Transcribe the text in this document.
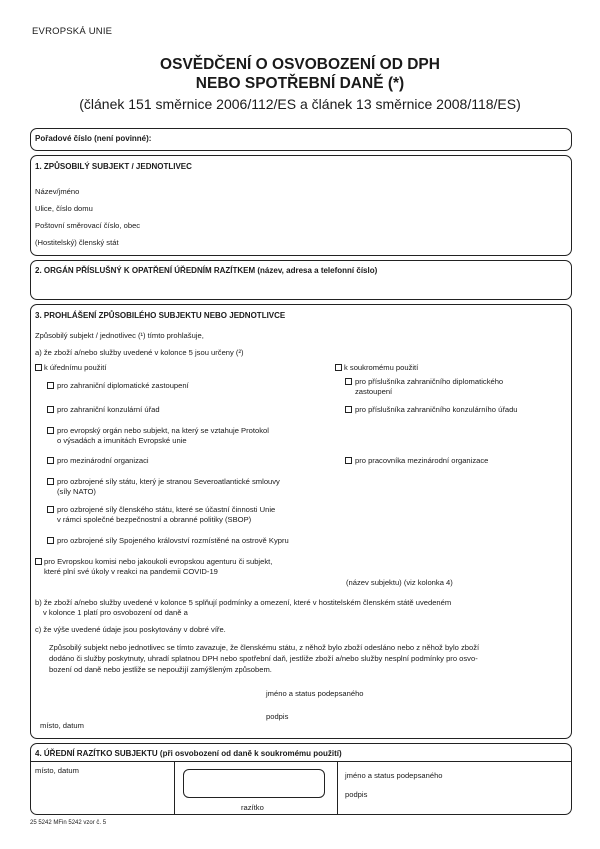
EVROPSKÁ UNIE
OSVĚDČENÍ O OSVOBOZENÍ OD DPH
NEBO SPOTŘEBNÍ DANĚ (*)
(článek 151 směrnice 2006/112/ES a článek 13 směrnice 2008/118/ES)
Pořadové číslo (není povinné):
1. ZPŮSOBILÝ SUBJEKT / JEDNOTLIVEC
Název/jméno
Ulice, číslo domu
Poštovní směrovací číslo, obec
(Hostitelský) členský stát
2. ORGÁN PŘÍSLUŠNÝ K OPATŘENÍ ÚŘEDNÍM RAZÍTKEM (název, adresa a telefonní číslo)
3. PROHLÁŠENÍ ZPŮSOBILÉHO SUBJEKTU NEBO JEDNOTLIVCE
Způsobilý subjekt / jednotlivec (¹) tímto prohlašuje,
a) že zboží a/nebo služby uvedené v kolonce 5 jsou určeny (²)
k úřednímu použití	k soukromému použití
pro zahraniční diplomatické zastoupení
pro zahraniční konzulární úřad
pro evropský orgán nebo subjekt, na který se vztahuje Protokol
o výsadách a imunitách Evropské unie
pro mezinárodní organizaci
pro ozbrojené síly státu, který je stranou Severoatlantické smlouvy
(síly NATO)
pro ozbrojené síly členského státu, které se účastní činnosti Unie
v rámci společné bezpečnostní a obranné politiky (SBOP)
pro ozbrojené síly Spojeného království rozmístěné na ostrově Kypru
pro příslušníka zahraničního diplomatického
zastoupení
pro příslušníka zahraničního konzulárního úřadu
pro pracovníka mezinárodní organizace
pro Evropskou komisi nebo jakoukoli evropskou agenturu či subjekt,
které plní své úkoly v reakci na pandemii COVID-19
(název subjektu) (viz kolonka 4)
b) že zboží a/nebo služby uvedené v kolonce 5 splňují podmínky a omezení, které v hostitelském členském státě uvedeném
v kolonce 1 platí pro osvobození od daně a
c) že výše uvedené údaje jsou poskytovány v dobré víře.
Způsobilý subjekt nebo jednotlivec se tímto zavazuje, že členskému státu, z něhož bylo zboží odesláno nebo z něhož bylo zboží
dodáno či služby poskytnuty, uhradí splatnou DPH nebo spotřební daň, jestliže zboží a/nebo služby nesplní podmínky pro osvo-
bození od daně nebo jestliže se nepoužijí zamýšleným způsobem.
jméno a status podepsaného
podpis
místo, datum
4. ÚŘEDNÍ RAZÍTKO SUBJEKTU (při osvobození od daně k soukromému použití)
místo, datum
razítko
jméno a status podepsaného
podpis
25 5242 MFin 5242 vzor č. 5
